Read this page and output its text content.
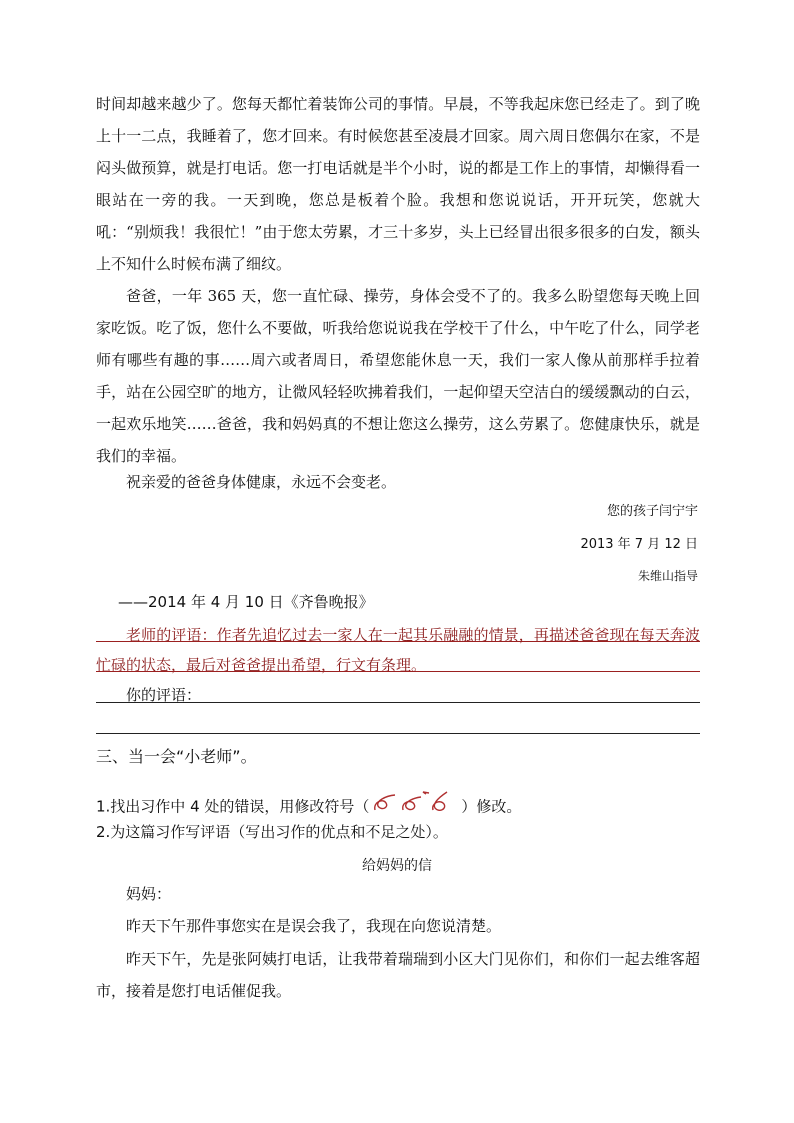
时间却越来越少了。您每天都忙着装饰公司的事情。早晨，不等我起床您已经走了。到了晚上十一二点，我睡着了，您才回来。有时候您甚至凌晨才回家。周六周日您偶尔在家，不是闷头做预算，就是打电话。您一打电话就是半个小时，说的都是工作上的事情，却懒得看一眼站在一旁的我。一天到晚，您总是板着个脸。我想和您说说话，开开玩笑，您就大吼：“别烦我！我很忙！”由于您太劳累，才三十多岁，头上已经冒出很多很多的白发，额头上不知什么时候布满了细纹。

爸爸，一年 365 天，您一直忙碌、操劳，身体会受不了的。我多么盼望您每天晚上回家吃饭。吃了饭，您什么不要做，听我给您说说我在学校干了什么，中午吃了什么，同学老师有哪些有趣的事……周六或者周日，希望您能休息一天，我们一家人像从前那样手拉着手，站在公园空旷的地方，让微风轻轻吹拂着我们，一起仰望天空洁白的缓缓飘动的白云，一起欢乐地笑……爸爸，我和妈妈真的不想让您这么操劳，这么劳累了。您健康快乐，就是我们的幸福。

祝亲爱的爸爸身体健康，永远不会变老。

您的孩子闫宁宇
2013 年 7 月 12 日
朱维山指导
——2014 年 4 月 10 日《齐鲁晚报》

老师的评语：作者先追忆过去一家人在一起其乐融融的情景，再描述爸爸现在每天奔波忙碌的状态，最后对爸爸提出希望，行文有条理。

你的评语：
三、当一会“小老师”。
1.找出习作中 4 处的错误，用修改符号（	）修改。
2.为这篇习作写评语（写出习作的优点和不足之处）。
给妈妈的信
妈妈：

昨天下午那件事您实在是误会我了，我现在向您说清楚。

昨天下午，先是张阿姨打电话，让我带着瑞瑞到小区大门见你们，和你们一起去维客超市，接着是您打电话催促我。
